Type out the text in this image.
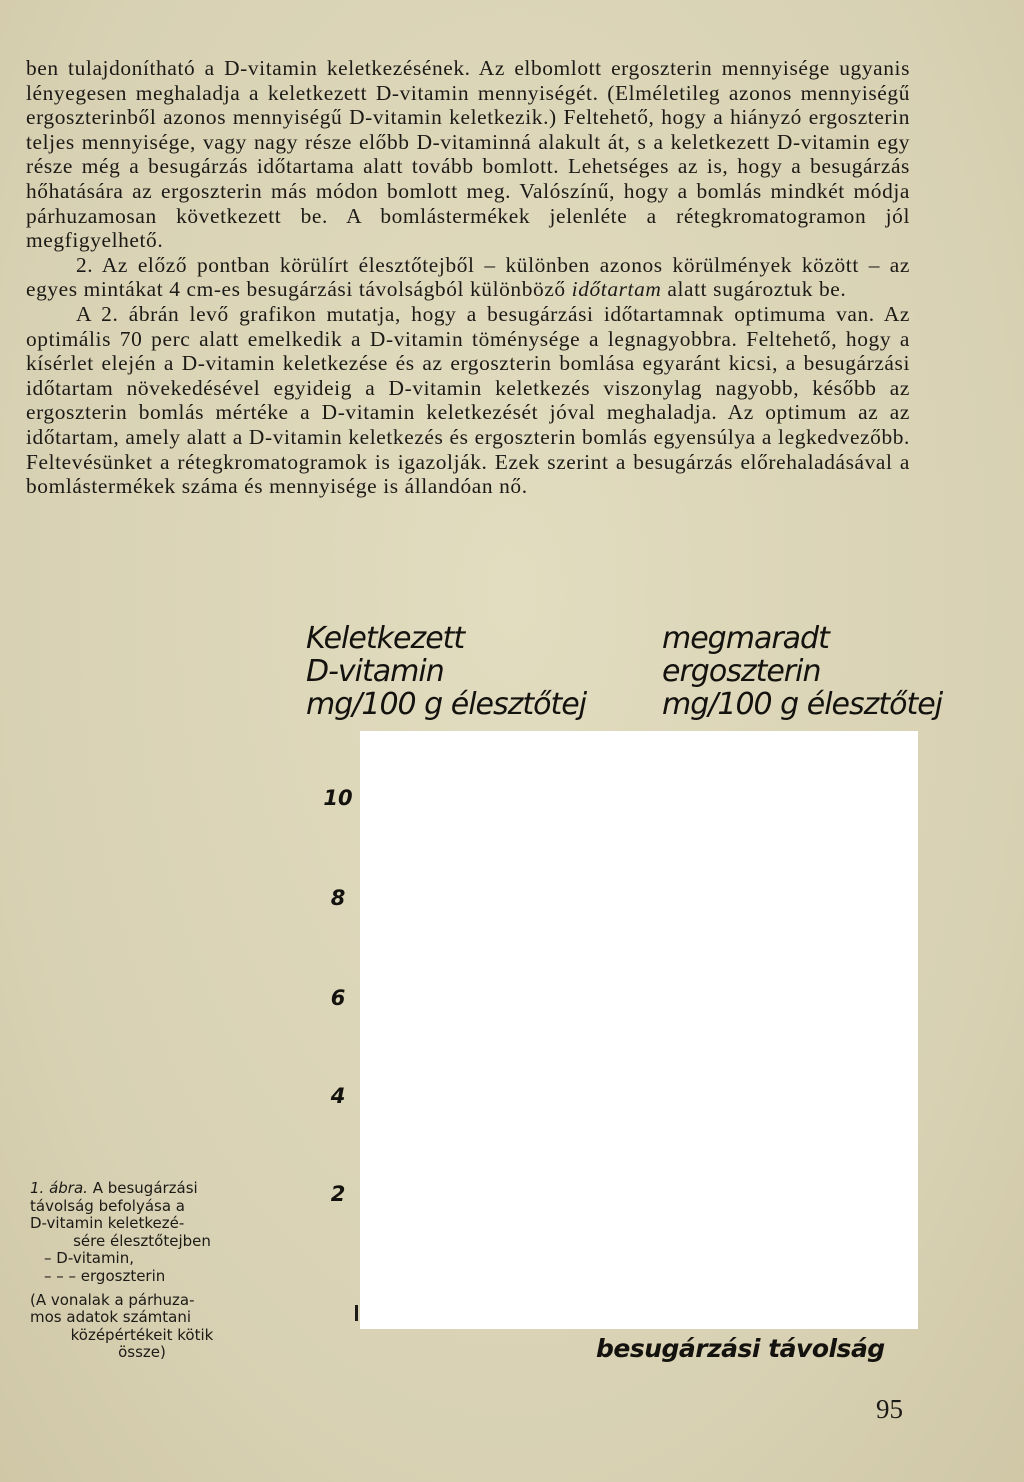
ben tulajdonítható a D-vitamin keletkezésének. Az elbomlott ergoszterin mennyisége ugyanis lényegesen meghaladja a keletkezett D-vitamin mennyiségét. (Elméletileg azonos mennyiségű ergoszterinből azonos mennyiségű D-vitamin keletkezik.) Feltehető, hogy a hiányzó ergoszterin teljes mennyisége, vagy nagy része előbb D-vitaminná alakult át, s a keletkezett D-vitamin egy része még a besugárzás időtartama alatt tovább bomlott. Lehetséges az is, hogy a besugárzás hőhatására az ergoszterin más módon bomlott meg. Valószínű, hogy a bomlás mindkét módja párhuzamosan következett be. A bomlástermékek jelenléte a rétegkromatogramon jól megfigyelhető.

2. Az előző pontban körülírt élesztőtejből – különben azonos körülmények között – az egyes mintákat 4 cm-es besugárzási távolságból különböző időtartam alatt sugároztuk be.

A 2. ábrán levő grafikon mutatja, hogy a besugárzási időtartamnak optimuma van. Az optimális 70 perc alatt emelkedik a D-vitamin töménysége a legnagyobbra. Feltehető, hogy a kísérlet elején a D-vitamin keletkezése és az ergoszterin bomlása egyaránt kicsi, a besugárzási időtartam növekedésével egyideig a D-vitamin keletkezés viszonylag nagyobb, később az ergoszterin bomlás mértéke a D-vitamin keletkezését jóval meghaladja. Az optimum az az időtartam, amely alatt a D-vitamin keletkezés és ergoszterin bomlás egyensúlya a legkedvezőbb. Feltevésünket a rétegkromatogramok is igazolják. Ezek szerint a besugárzás előrehaladásával a bomlástermékek száma és mennyisége is állandóan nő.

Keletkezett
D-vitamin
mg/100 g élesztőtej
megmaradt
ergoszterin
mg/100 g élesztőtej
10
8
6
4
2
besugárzási távolság
1. ábra. A besugárzási
távolság befolyása a
D-vitamin keletkezé-
sére élesztőtejben
– D-vitamin,
– – – ergoszterin
(A vonalak a párhuza-
mos adatok számtani
középértékeit kötik
össze)
95
